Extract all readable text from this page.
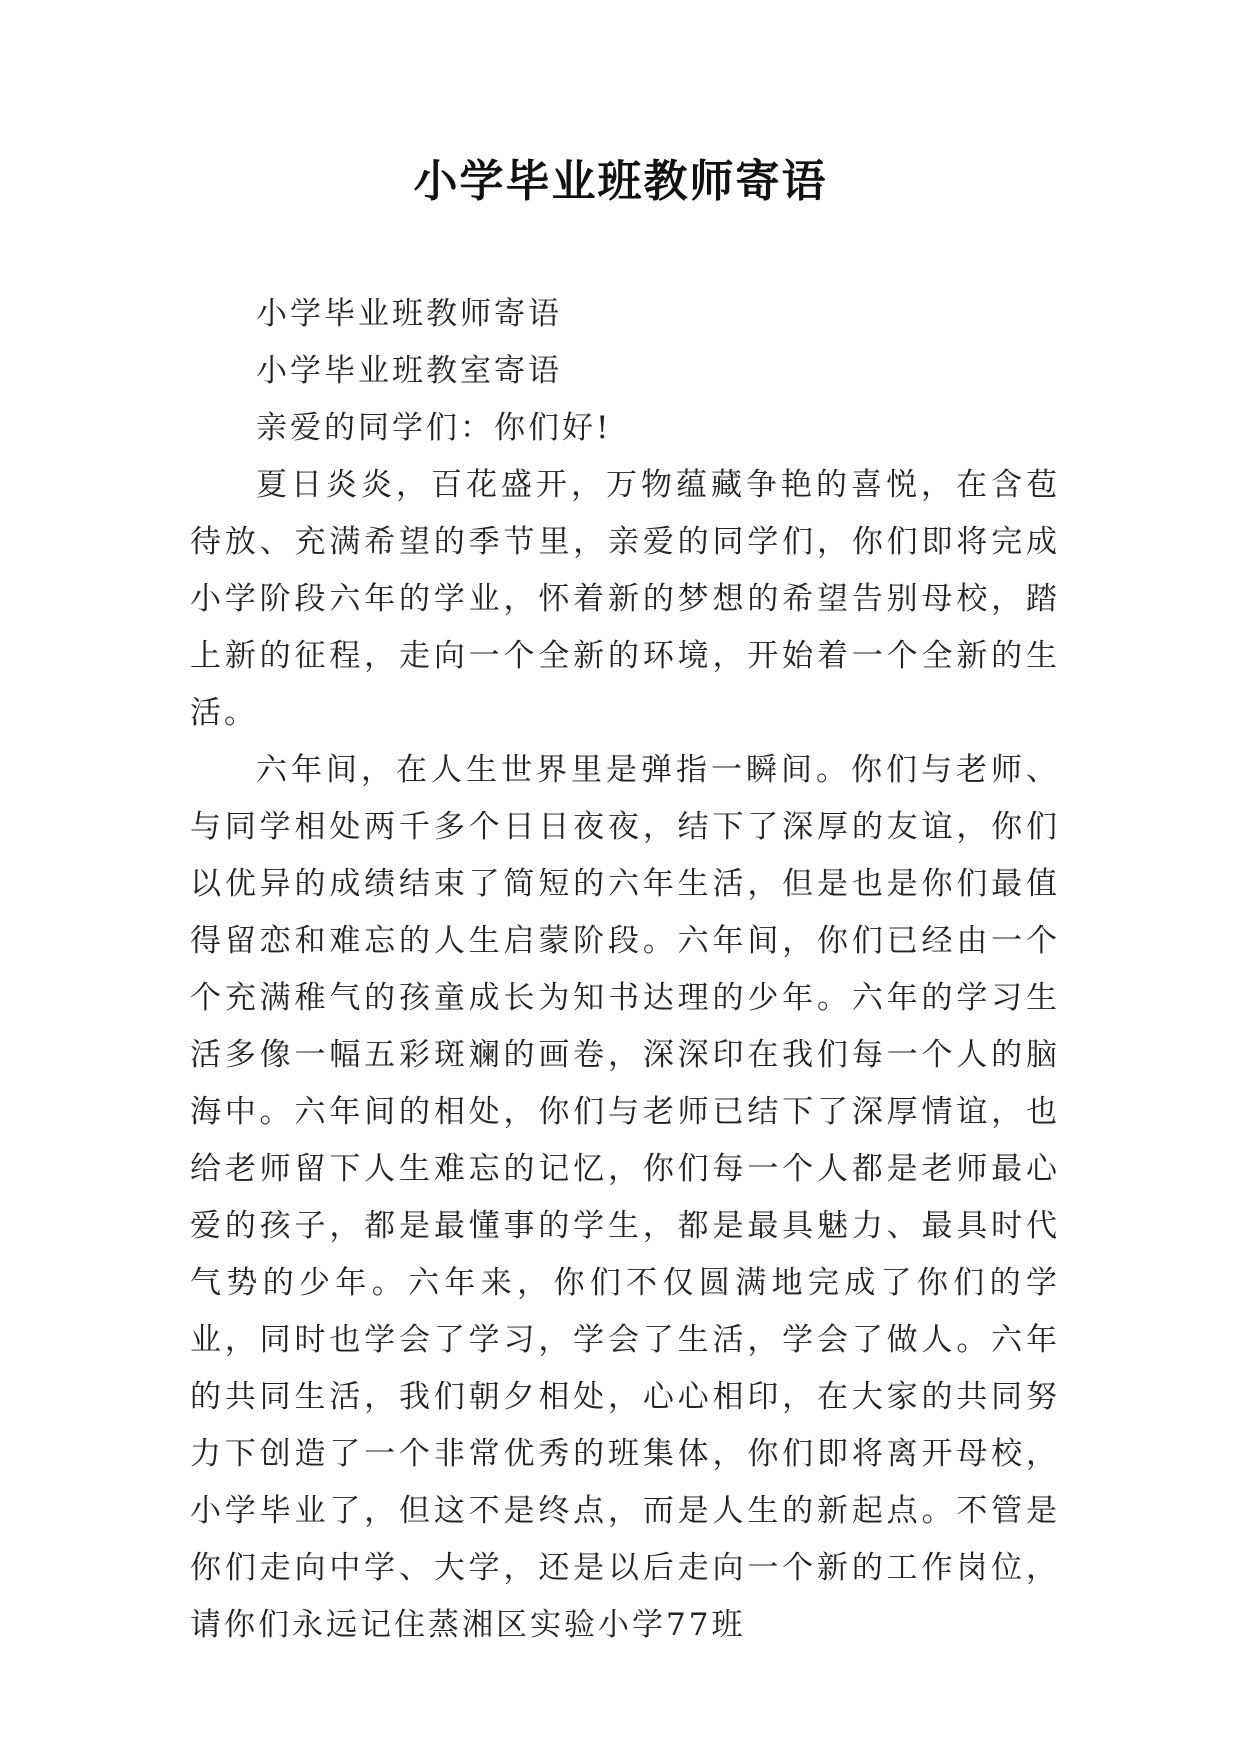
小学毕业班教师寄语

小学毕业班教师寄语

小学毕业班教室寄语

亲爱的同学们：你们好!

夏日炎炎，百花盛开，万物蕴藏争艳的喜悦，在含苞待放、充满希望的季节里，亲爱的同学们，你们即将完成小学阶段六年的学业，怀着新的梦想的希望告别母校，踏上新的征程，走向一个全新的环境，开始着一个全新的生活。

六年间，在人生世界里是弹指一瞬间。你们与老师、与同学相处两千多个日日夜夜，结下了深厚的友谊，你们以优异的成绩结束了简短的六年生活，但是也是你们最值得留恋和难忘的人生启蒙阶段。六年间，你们已经由一个个充满稚气的孩童成长为知书达理的少年。六年的学习生活多像一幅五彩斑斓的画卷，深深印在我们每一个人的脑海中。六年间的相处，你们与老师已结下了深厚情谊，也给老师留下人生难忘的记忆，你们每一个人都是老师最心爱的孩子，都是最懂事的学生，都是最具魅力、最具时代气势的少年。六年来，你们不仅圆满地完成了你们的学业，同时也学会了学习，学会了生活，学会了做人。六年的共同生活，我们朝夕相处，心心相印，在大家的共同努力下创造了一个非常优秀的班集体，你们即将离开母校，小学毕业了，但这不是终点，而是人生的新起点。不管是你们走向中学、大学，还是以后走向一个新的工作岗位，请你们永远记住蒸湘区实验小学77班
